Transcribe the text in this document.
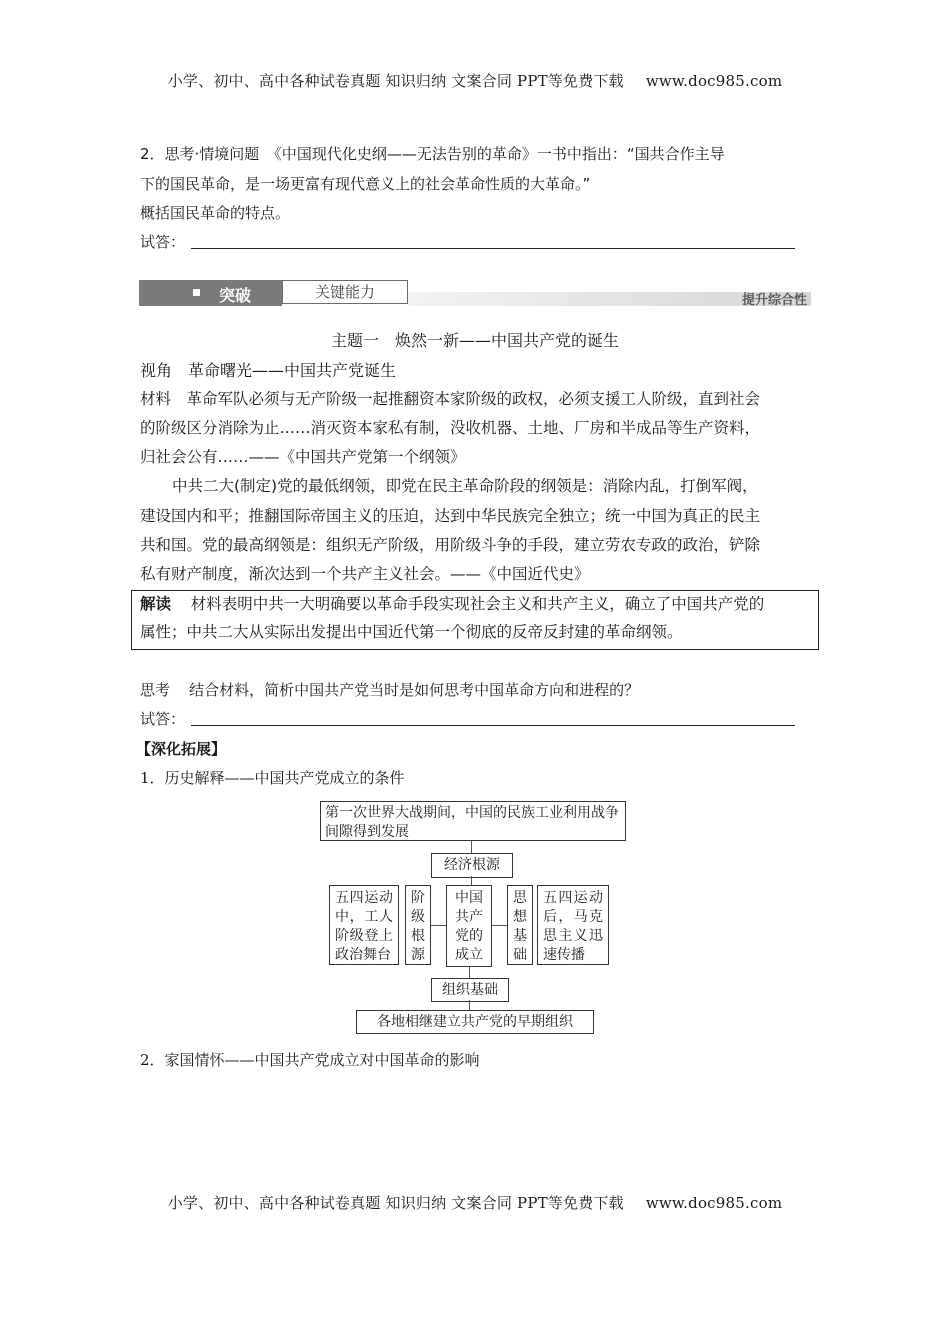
小学、初中、高中各种试卷真题 知识归纳 文案合同 PPT等免费下载 www.doc985.com
2．思考·情境问题　《中国现代化史纲——无法告别的革命》一书中指出：“国共合作主导
下的国民革命，是一场更富有现代意义上的社会革命性质的大革命。”
概括国民革命的特点。
试答：
突破	关键能力	提升综合性
主题一　焕然一新——中国共产党的诞生
视角　革命曙光——中国共产党诞生
材料　革命军队必须与无产阶级一起推翻资本家阶级的政权，必须支援工人阶级，直到社会
的阶级区分消除为止……消灭资本家私有制，没收机器、土地、厂房和半成品等生产资料，
归社会公有……——《中国共产党第一个纲领》
中共二大(制定)党的最低纲领，即党在民主革命阶段的纲领是：消除内乱，打倒军阀，
建设国内和平；推翻国际帝国主义的压迫，达到中华民族完全独立；统一中国为真正的民主
共和国。党的最高纲领是：组织无产阶级，用阶级斗争的手段，建立劳农专政的政治，铲除
私有财产制度，渐次达到一个共产主义社会。——《中国近代史》
解读 材料表明中共一大明确要以革命手段实现社会主义和共产主义，确立了中国共产党的
属性；中共二大从实际出发提出中国近代第一个彻底的反帝反封建的革命纲领。
思考 结合材料，简析中国共产党当时是如何思考中国革命方向和进程的？
试答：
【深化拓展】
1．历史解释——中国共产党成立的条件
第一次世界大战期间，中国的民族工业利用战争间隙得到发展
经济根源
五四运动中，工人阶级登上政治舞台
阶级根源
中国共产党的成立
思想基础
五四运动后，马克思主义迅速传播
组织基础
各地相继建立共产党的早期组织
2．家国情怀——中国共产党成立对中国革命的影响
小学、初中、高中各种试卷真题 知识归纳 文案合同 PPT等免费下载 www.doc985.com
